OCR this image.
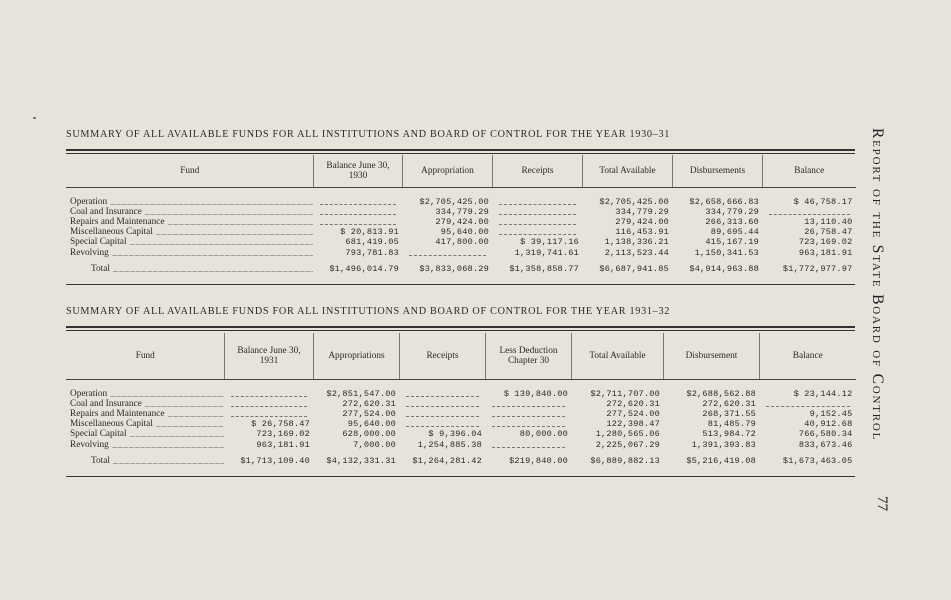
SUMMARY OF ALL AVAILABLE FUNDS FOR ALL INSTITUTIONS AND BOARD OF CONTROL FOR THE YEAR 1930–31
Fund	Balance June 30, 1930	Appropriation	Receipts	Total Available	Disbursements	Balance

Operation _____		$2,705,425.00		$2,705,425.00	$2,658,666.83	$ 46,758.17
Coal and Insurance _____		334,779.29		334,779.29	334,779.29	

Repairs and Maintenance _____		279,424.00		279,424.00	266,313.60	13,110.40
Miscellaneous Capital _____	$ 20,813.91	95,640.00		116,453.91	89,695.44	26,758.47
Special Capital _____	681,419.05	417,800.00	$ 39,117.16	1,138,336.21	415,167.19	723,169.02
Revolving _____	793,781.83		1,319,741.61	2,113,523.44	1,150,341.53	963,181.91
Total _____	$1,496,014.79	$3,833,068.29	$1,358,858.77	$6,687,941.85	$4,914,963.88	$1,772,977.97
SUMMARY OF ALL AVAILABLE FUNDS FOR ALL INSTITUTIONS AND BOARD OF CONTROL FOR THE YEAR 1931–32
Fund	Balance June 30, 1931	Appropriations	Receipts	Less Deduction Chapter 30	Total Available	Disbursement	Balance

Operation _____		$2,851,547.00		$ 139,840.00	$2,711,707.00	$2,688,562.88	$ 23,144.12
Coal and Insurance _____		272,620.31			272,620.31	272,620.31	

Repairs and Maintenance _____		277,524.00			277,524.00	268,371.55	9,152.45
Miscellaneous Capital _____	$ 26,758.47	95,640.00			122,398.47	81,485.79	40,912.68
Special Capital _____	723,169.02	628,000.00	$ 9,396.04	80,000.00	1,280,565.06	513,984.72	766,580.34
Revolving _____	963,181.91	7,000.00	1,254,885.38		2,225,067.29	1,391,393.83	833,673.46
Total _____	$1,713,109.40	$4,132,331.31	$1,264,281.42	$219,840.00	$6,889,882.13	$5,216,419.08	$1,673,463.05
Report of the State Board of Control
77
